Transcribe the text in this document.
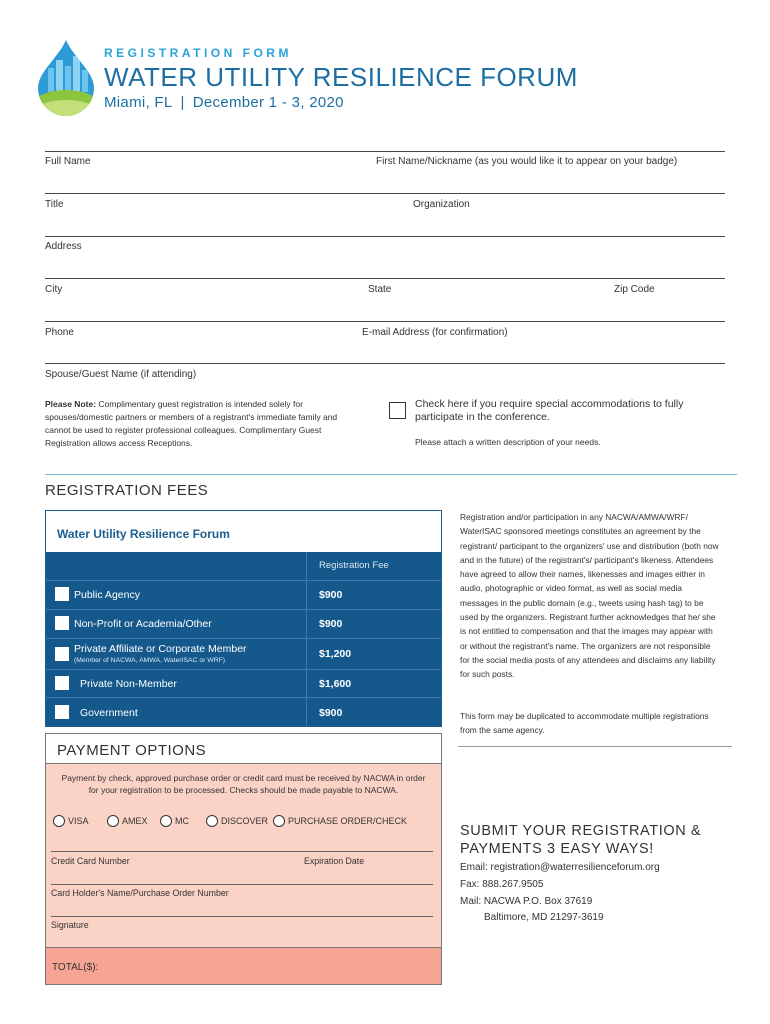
REGISTRATION FORM
WATER UTILITY RESILIENCE FORUM
Miami, FL | December 1 - 3, 2020
Full Name	First Name/Nickname (as you would like it to appear on your badge)
Title	Organization
Address
City	State	Zip Code
Phone	E-mail Address (for confirmation)
Spouse/Guest Name (if attending)
Please Note: Complimentary guest registration is intended solely for spouses/domestic partners or members of a registrant's immediate family and cannot be used to register professional colleagues. Complimentary Guest Registration allows access Receptions.
Check here if you require special accommodations to fully participate in the conference.
Please attach a written description of your needs.
REGISTRATION FEES
Water Utility Resilience Forum
Registration Fee
Public Agency	$900
Non-Profit or Academia/Other	$900
Private Affiliate or Corporate Member
(Member of NACWA, AMWA, WaterISAC or WRF)
$1,200
Private Non-Member	$1,600
Government	$900
PAYMENT OPTIONS
Payment by check, approved purchase order or credit card must be received by NACWA in order
for your registration to be processed. Checks should be made payable to NACWA.
VISA	AMEX	MC	DISCOVER PURCHASE ORDER/CHECK
Credit Card Number	Expiration Date
Card Holder's Name/Purchase Order Number
Signature
TOTAL($):
Registration and/or participation in any NACWA/AMWA/WRF/ WaterISAC sponsored meetings constitutes an agreement by the registrant/ participant to the organizers' use and distribution (both now and in the future) of the registrant's/ participant's likeness. Attendees have agreed to allow their names, likenesses and images either in audio, photographic or video format, as well as social media messages in the public domain (e.g., tweets using hash tag) to be used by the organizers. Registrant further acknowledges that he/ she is not entitled to compensation and that the images may appear with or without the registrant's name. The organizers are not responsible for the social media posts of any attendees and disclaims any liability for such posts.
This form may be duplicated to accommodate multiple registrations from the same agency.
SUBMIT YOUR REGISTRATION &
PAYMENTS 3 EASY WAYS!
Email: registration@waterresilienceforum.org
Fax: 888.267.9505
Mail: NACWA P.O. Box 37619
Baltimore, MD 21297-3619
